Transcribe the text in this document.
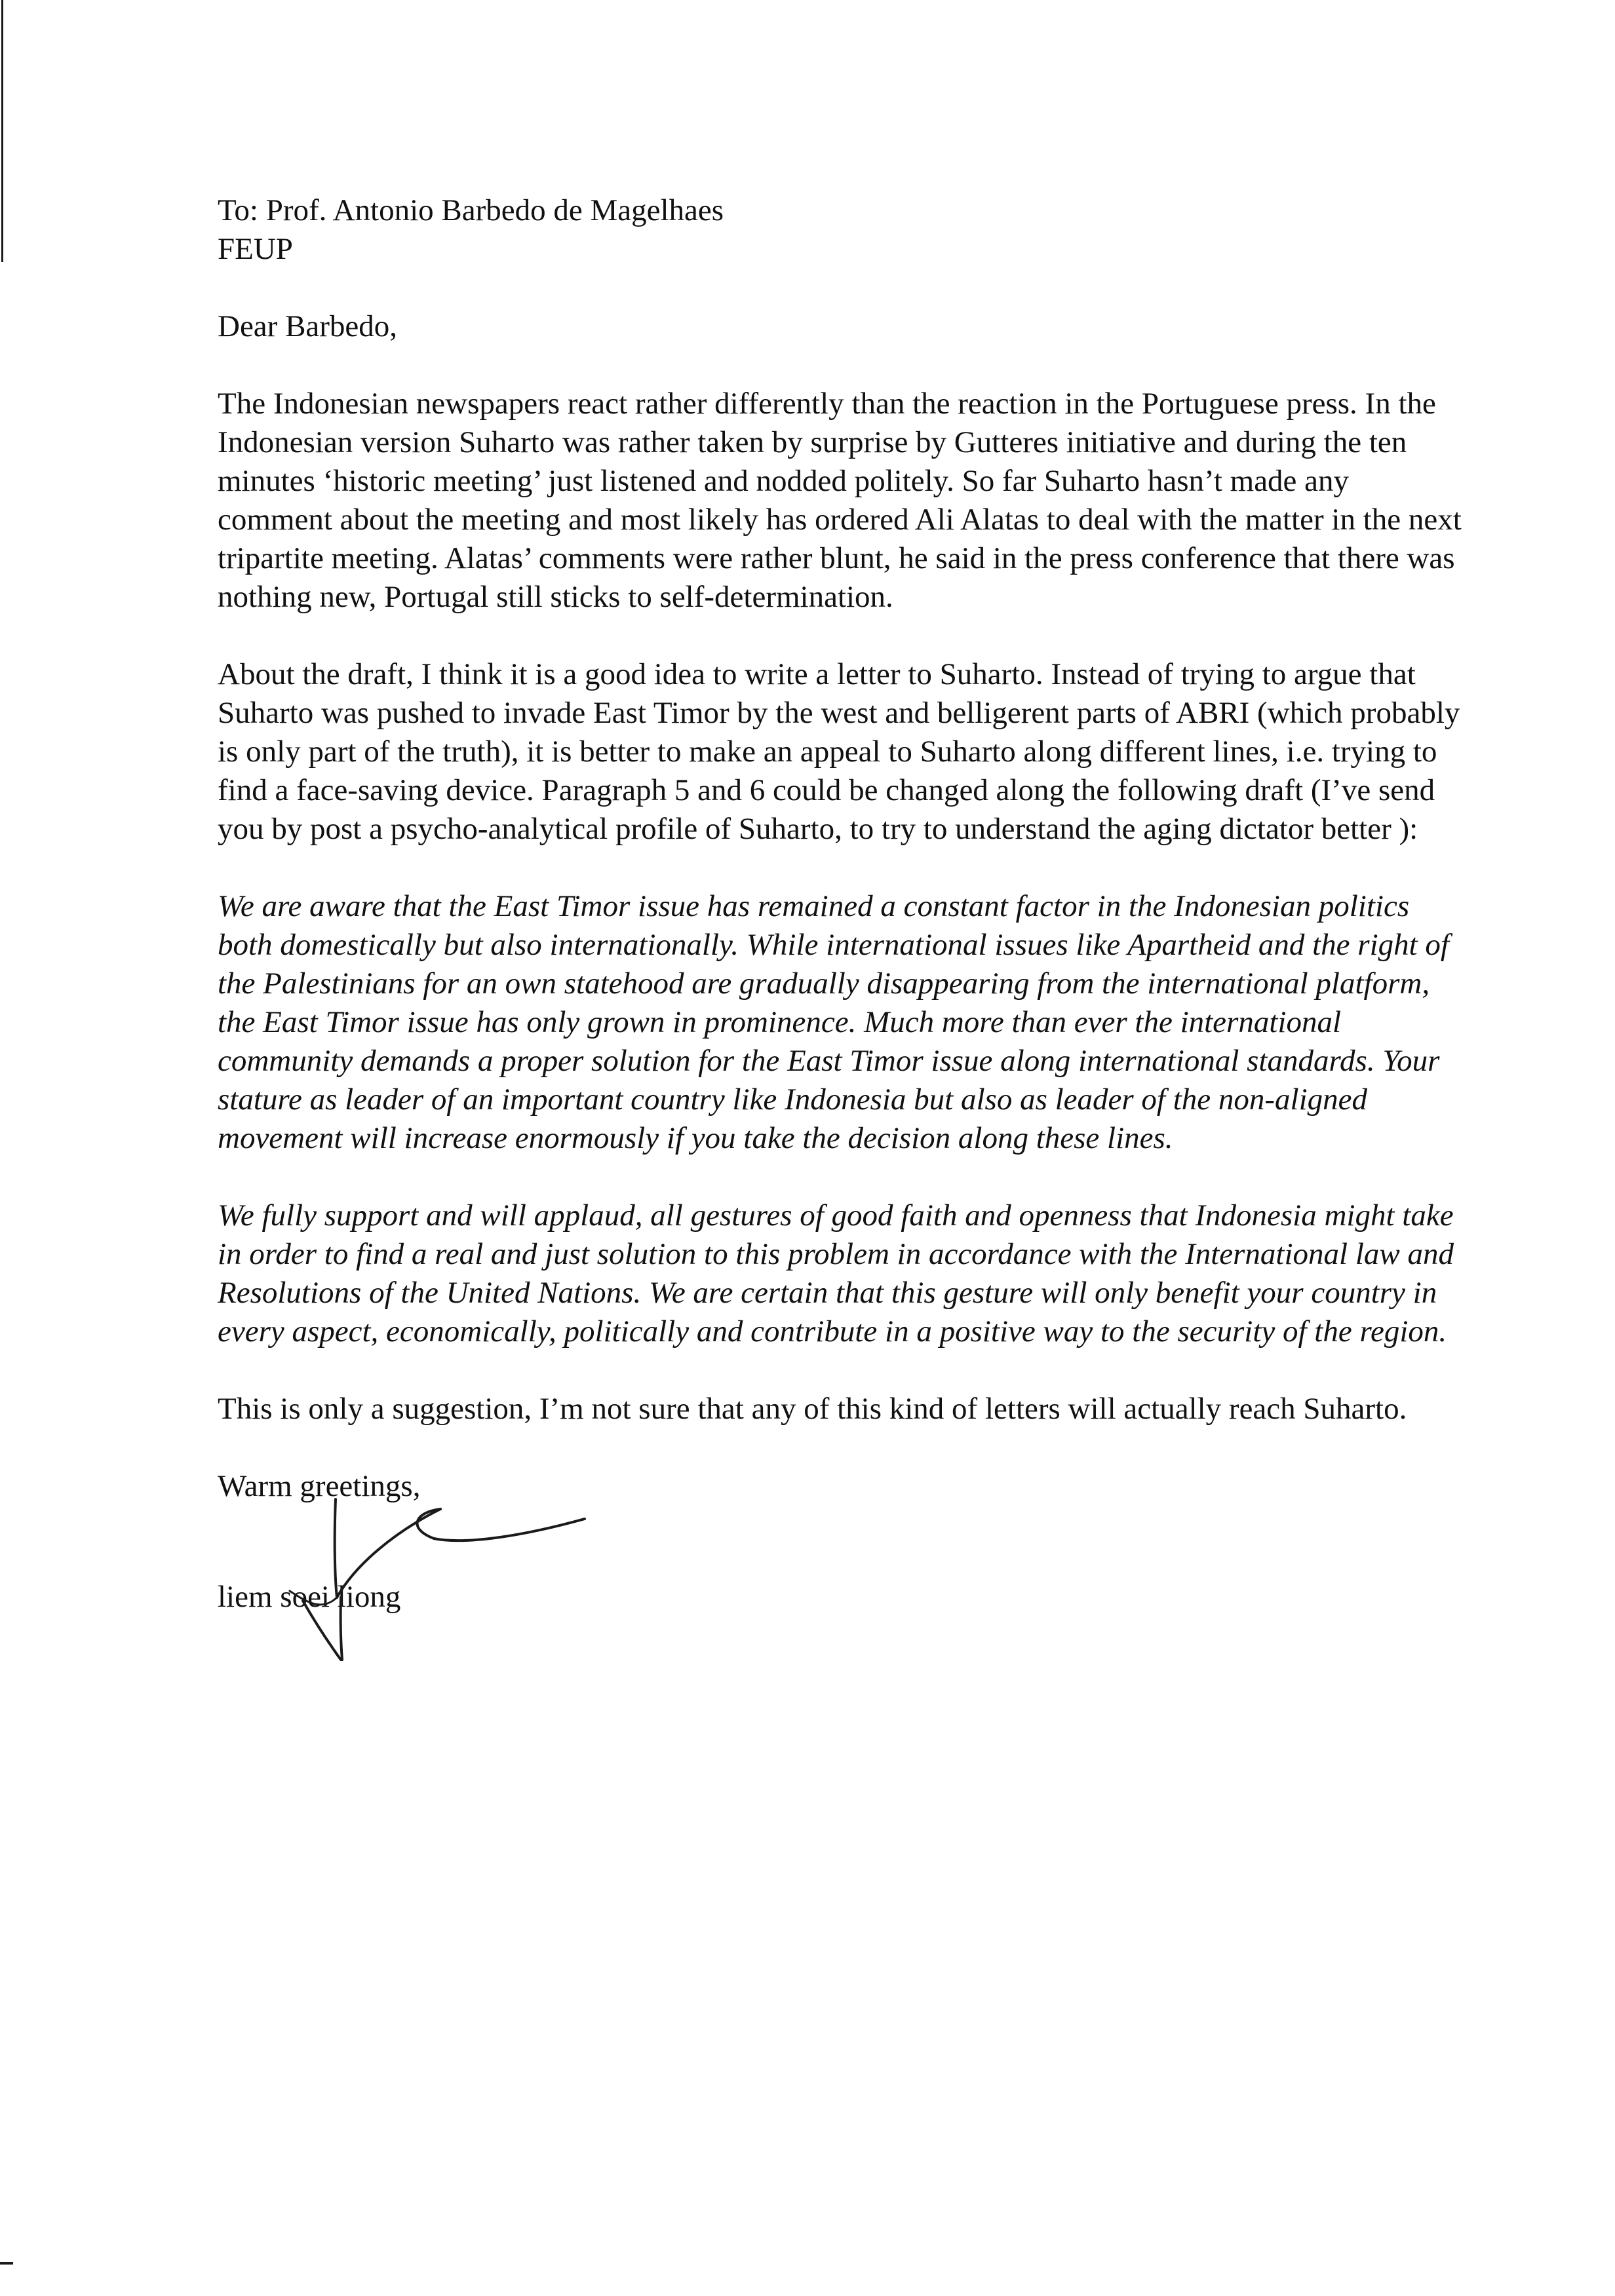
To: Prof. Antonio Barbedo de Magelhaes

FEUP

Dear Barbedo,

The Indonesian newspapers react rather differently than the reaction in the Portuguese press. In the Indonesian version Suharto was rather taken by surprise by Gutteres initiative and during the ten minutes ‘historic meeting’ just listened and nodded politely. So far Suharto hasn’t made any comment about the meeting and most likely has ordered Ali Alatas to deal with the matter in the next tripartite meeting. Alatas’ comments were rather blunt, he said in the press conference that there was nothing new, Portugal still sticks to self-determination.

About the draft, I think it is a good idea to write a letter to Suharto. Instead of trying to argue that Suharto was pushed to invade East Timor by the west and belligerent parts of ABRI (which probably is only part of the truth), it is better to make an appeal to Suharto along different lines, i.e. trying to find a face-saving device. Paragraph 5 and 6 could be changed along the following draft (I’ve send you by post a psycho-analytical profile of Suharto, to try to understand the aging dictator better ):

We are aware that the East Timor issue has remained a constant factor in the Indonesian politics both domestically but also internationally. While international issues like Apartheid and the right of the Palestinians for an own statehood are gradually disappearing from the international platform, the East Timor issue has only grown in prominence. Much more than ever the international community demands a proper solution for the East Timor issue along international standards. Your stature as leader of an important country like Indonesia but also as leader of the non-aligned movement will increase enormously if you take the decision along these lines.

We fully support and will applaud, all gestures of good faith and openness that Indonesia might take in order to find a real and just solution to this problem in accordance with the International law and Resolutions of the United Nations. We are certain that this gesture will only benefit your country in every aspect, economically, politically and contribute in a positive way to the security of the region.

This is only a suggestion, I’m not sure that any of this kind of letters will actually reach Suharto.

Warm greetings,

liem soei liong
